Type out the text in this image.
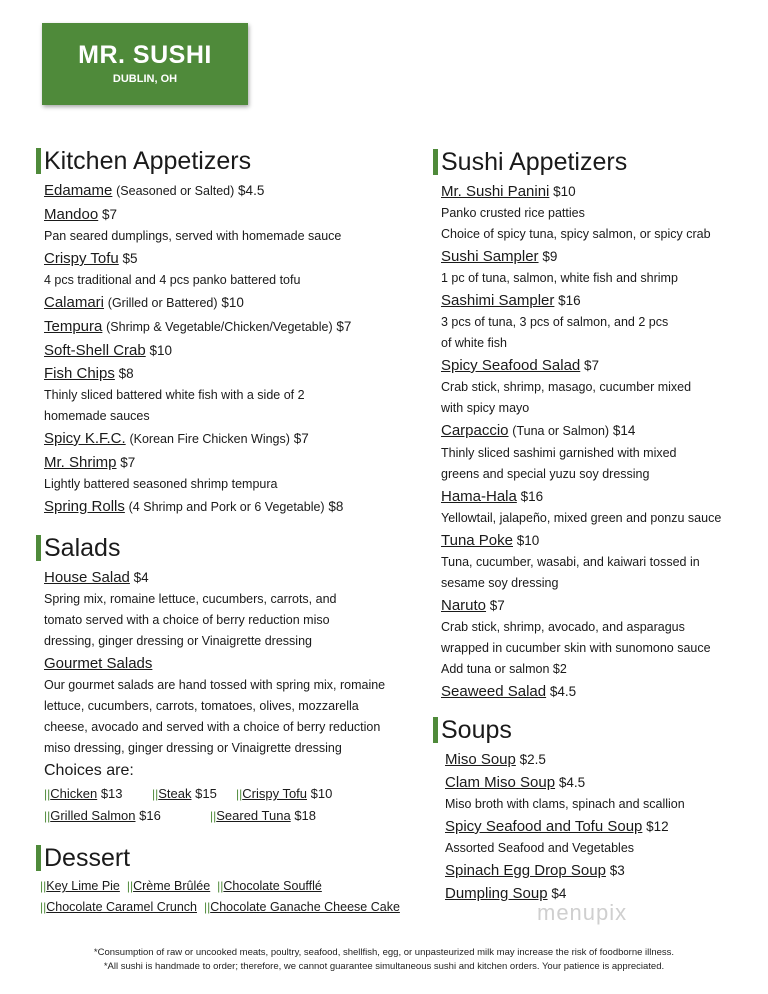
MR. SUSHI
DUBLIN, OH
Kitchen Appetizers
Edamame (Seasoned or Salted) $4.5
Mandoo $7
Pan seared dumplings, served with homemade sauce
Crispy Tofu $5
4 pcs traditional and 4 pcs panko battered tofu
Calamari (Grilled or Battered) $10
Tempura (Shrimp & Vegetable/Chicken/Vegetable) $7
Soft-Shell Crab $10
Fish Chips $8
Thinly sliced battered white fish with a side of 2
homemade sauces
Spicy K.F.C. (Korean Fire Chicken Wings) $7
Mr. Shrimp $7
Lightly battered seasoned shrimp tempura
Spring Rolls (4 Shrimp and Pork or 6 Vegetable) $8
Salads
House Salad $4
Spring mix, romaine lettuce, cucumbers, carrots, and
tomato served with a choice of berry reduction miso
dressing, ginger dressing or Vinaigrette dressing
Gourmet Salads
Our gourmet salads are hand tossed with spring mix, romaine
lettuce, cucumbers, carrots, tomatoes, olives, mozzarella
cheese, avocado and served with a choice of berry reduction
miso dressing, ginger dressing or Vinaigrette dressing
Choices are:
||Chicken $13 ||Steak $15 ||Crispy Tofu $10
||Grilled Salmon $16	||Seared Tuna $18
Dessert
||Key Lime Pie ||Crème Brûlée ||Chocolate Soufflé
||Chocolate Caramel Crunch ||Chocolate Ganache Cheese Cake
Sushi Appetizers
Mr. Sushi Panini $10
Panko crusted rice patties
Choice of spicy tuna, spicy salmon, or spicy crab
Sushi Sampler $9
1 pc of tuna, salmon, white fish and shrimp
Sashimi Sampler $16
3 pcs of tuna, 3 pcs of salmon, and 2 pcs
of white fish
Spicy Seafood Salad $7
Crab stick, shrimp, masago, cucumber mixed
with spicy mayo
Carpaccio (Tuna or Salmon) $14
Thinly sliced sashimi garnished with mixed
greens and special yuzu soy dressing
Hama-Hala $16
Yellowtail, jalapeño, mixed green and ponzu sauce
Tuna Poke $10
Tuna, cucumber, wasabi, and kaiwari tossed in
sesame soy dressing
Naruto $7
Crab stick, shrimp, avocado, and asparagus
wrapped in cucumber skin with sunomono sauce
Add tuna or salmon $2
Seaweed Salad $4.5
Soups
Miso Soup $2.5
Clam Miso Soup $4.5
Miso broth with clams, spinach and scallion
Spicy Seafood and Tofu Soup $12
Assorted Seafood and Vegetables
Spinach Egg Drop Soup $3
Dumpling Soup $4
menupix
*Consumption of raw or uncooked meats, poultry, seafood, shellfish, egg, or unpasteurized milk may increase the risk of foodborne illness.
*All sushi is handmade to order; therefore, we cannot guarantee simultaneous sushi and kitchen orders. Your patience is appreciated.
